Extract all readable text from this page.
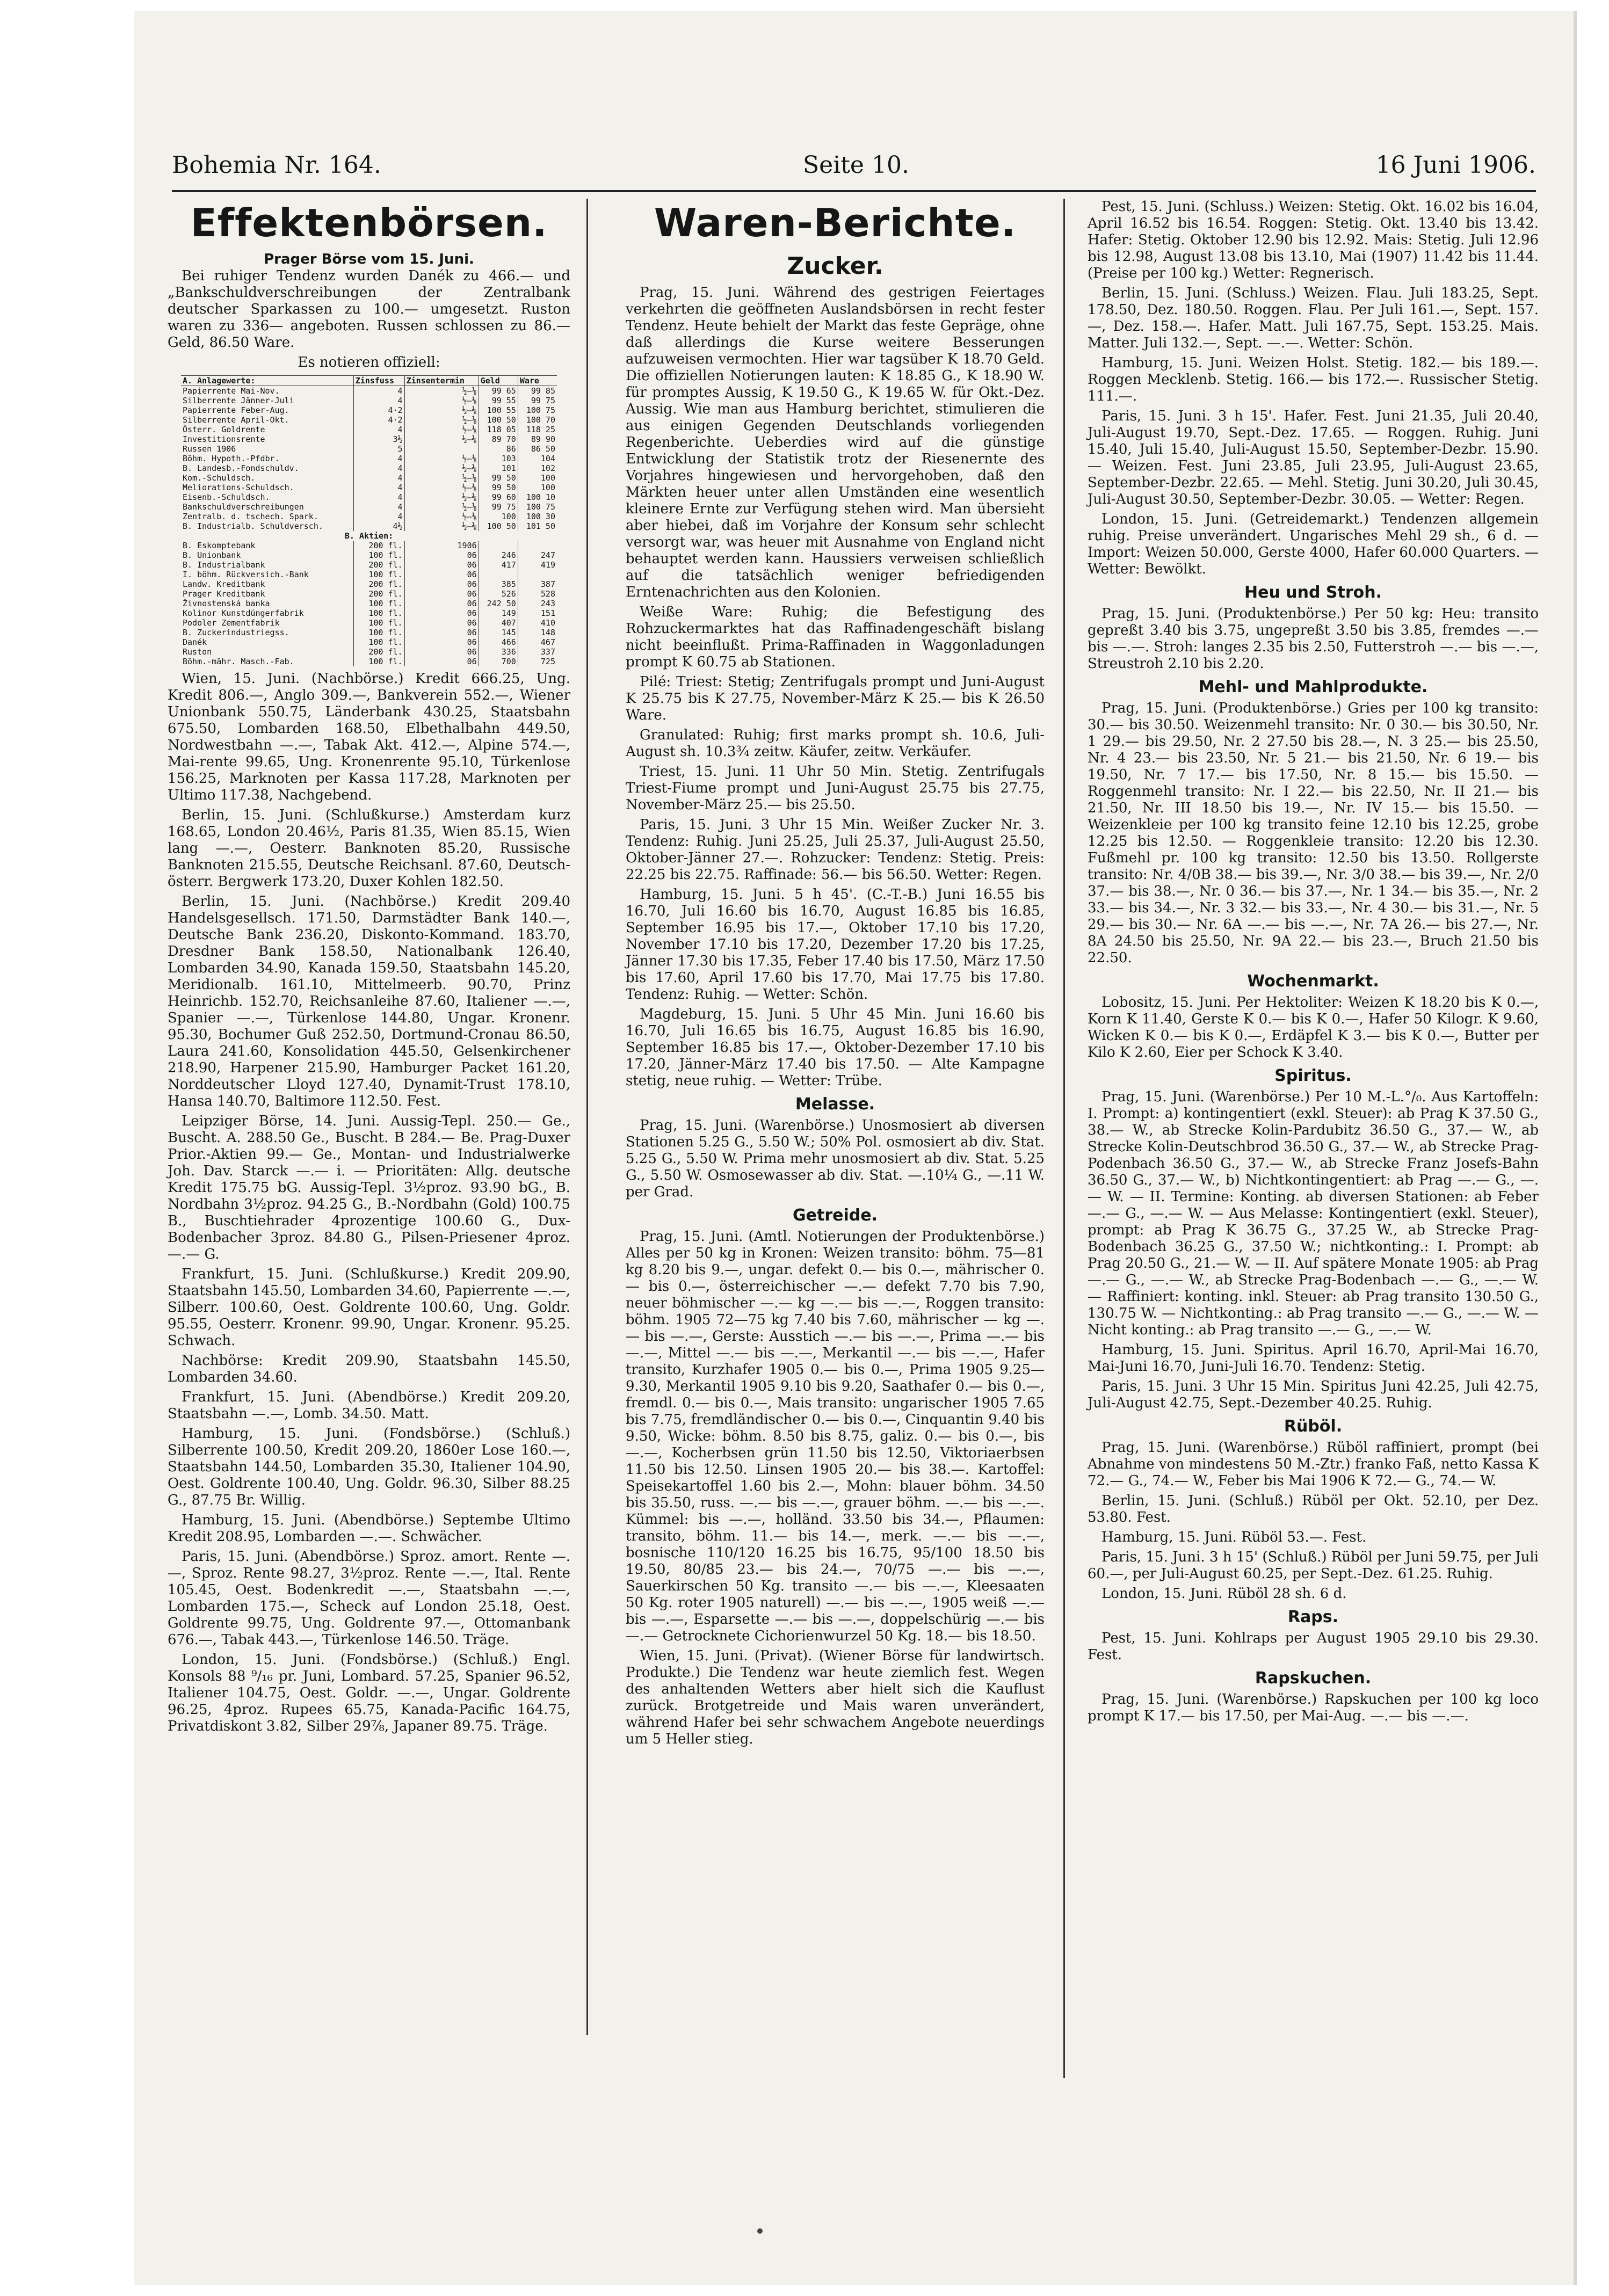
Bohemia Nr. 164.	Seite 10.	16 Juni 1906.
Effektenbörsen.

Prager Börse vom 15. Juni.

Bei ruhiger Tendenz wurden Danék zu 466.— und „Bankschuldverschreibungen der Zentralbank deutscher Sparkassen zu 100.— umgesetzt. Ruston waren zu 336— angeboten. Russen schlossen zu 86.— Geld, 86.50 Ware.

Es notieren offiziell:

A. Anlagewerte:	Zinsfuss	Zinsentermin	Geld	Ware
Papierrente Mai-Nov.	4	½—⅛	99 65	99 85
Silberrente Jänner-Juli	4	½—⅛	99 55	99 75
Papierrente Feber-Aug.	4·2	½—⅛	100 55	100 75
Silberrente April-Okt.	4·2	½—⅛	100 50	100 70
Österr. Goldrente	4	½—⅛	118 05	118 25
Investitionsrente	3½	½—⅛	89 70	89 90
Russen 1906	5		86	86 50
Böhm. Hypoth.-Pfdbr.	4	½—⅛	103	104
B. Landesb.-Fondschuldv.	4	½—⅛	101	102
Kom.-Schuldsch.	4	½—⅛	99 50	100
Meliorations-Schuldsch.	4	½—⅛	99 50	100
Eisenb.-Schuldsch.	4	½—⅛	99 60	100 10
Bankschuldverschreibungen	4	½—⅛	99 75	100 75
Zentralb. d. tschech. Spark.	4	½—⅛	100	100 30
B. Industrialb. Schuldversch.	4½	½—⅛	100 50	101 50
B. Aktien:				
B. Eskomptebank	200 fl.	1906		
B. Unionbank	100 fl.	06	246	247
B. Industrialbank	200 fl.	06	417	419
I. böhm. Rückversich.-Bank	100 fl.	06		
Landw. Kreditbank	200 fl.	06	385	387
Prager Kreditbank	200 fl.	06	526	528
Živnostenská banka	100 fl.	06	242 50	243
Kolinor Kunstdüngerfabrik	100 fl.	06	149	151
Podoler Zementfabrik	100 fl.	06	407	410
B. Zuckerindustriegss.	100 fl.	06	145	148
Danék	100 fl.	06	466	467
Ruston	200 fl.	06	336	337
Böhm.-mähr. Masch.-Fab.	100 fl.	06	700	725

Wien, 15. Juni. (Nachbörse.) Kredit 666.25, Ung. Kredit 806.—, Anglo 309.—, Bankverein 552.—, Wiener Unionbank 550.75, Länderbank 430.25, Staatsbahn 675.50, Lombarden 168.50, Elbethalbahn 449.50, Nordwestbahn —.—, Tabak Akt. 412.—, Alpine 574.—, Mai-rente 99.65, Ung. Kronenrente 95.10, Türkenlose 156.25, Marknoten per Kassa 117.28, Marknoten per Ultimo 117.38, Nachgebend.

Berlin, 15. Juni. (Schlußkurse.) Amsterdam kurz 168.65, London 20.46½, Paris 81.35, Wien 85.15, Wien lang —.—, Oesterr. Banknoten 85.20, Russische Banknoten 215.55, Deutsche Reichsanl. 87.60, Deutsch-österr. Bergwerk 173.20, Duxer Kohlen 182.50.

Berlin, 15. Juni. (Nachbörse.) Kredit 209.40 Handelsgesellsch. 171.50, Darmstädter Bank 140.—, Deutsche Bank 236.20, Diskonto-Kommand. 183.70, Dresdner Bank 158.50, Nationalbank 126.40, Lombarden 34.90, Kanada 159.50, Staatsbahn 145.20, Meridionalb. 161.10, Mittelmeerb. 90.70, Prinz Heinrichb. 152.70, Reichsanleihe 87.60, Italiener —.—, Spanier —.—, Türkenlose 144.80, Ungar. Kronenr. 95.30, Bochumer Guß 252.50, Dortmund-Cronau 86.50, Laura 241.60, Konsolidation 445.50, Gelsenkirchener 218.90, Harpener 215.90, Hamburger Packet 161.20, Norddeutscher Lloyd 127.40, Dynamit-Trust 178.10, Hansa 140.70, Baltimore 112.50. Fest.

Leipziger Börse, 14. Juni. Aussig-Tepl. 250.— Ge., Buscht. A. 288.50 Ge., Buscht. B 284.— Be. Prag-Duxer Prior.-Aktien 99.— Ge., Montan- und Industrialwerke Joh. Dav. Starck —.— i. — Prioritäten: Allg. deutsche Kredit 175.75 bG. Aussig-Tepl. 3½proz. 93.90 bG., B. Nordbahn 3½proz. 94.25 G., B.-Nordbahn (Gold) 100.75 B., Buschtiehrader 4prozentige 100.60 G., Dux-Bodenbacher 3proz. 84.80 G., Pilsen-Priesener 4proz. —.— G.

Frankfurt, 15. Juni. (Schlußkurse.) Kredit 209.90, Staatsbahn 145.50, Lombarden 34.60, Papierrente —.—, Silberr. 100.60, Oest. Goldrente 100.60, Ung. Goldr. 95.55, Oesterr. Kronenr. 99.90, Ungar. Kronenr. 95.25. Schwach.

Nachbörse: Kredit 209.90, Staatsbahn 145.50, Lombarden 34.60.

Frankfurt, 15. Juni. (Abendbörse.) Kredit 209.20, Staatsbahn —.—, Lomb. 34.50. Matt.

Hamburg, 15. Juni. (Fondsbörse.) (Schluß.) Silberrente 100.50, Kredit 209.20, 1860er Lose 160.—, Staatsbahn 144.50, Lombarden 35.30, Italiener 104.90, Oest. Goldrente 100.40, Ung. Goldr. 96.30, Silber 88.25 G., 87.75 Br. Willig.

Hamburg, 15. Juni. (Abendbörse.) Septembe Ultimo Kredit 208.95, Lombarden —.—. Schwächer.

Paris, 15. Juni. (Abendbörse.) Sproz. amort. Rente —.—, Sproz. Rente 98.27, 3½proz. Rente —.—, Ital. Rente 105.45, Oest. Bodenkredit —.—, Staatsbahn —.—, Lombarden 175.—, Scheck auf London 25.18, Oest. Goldrente 99.75, Ung. Goldrente 97.—, Ottomanbank 676.—, Tabak 443.—, Türkenlose 146.50. Träge.

London, 15. Juni. (Fondsbörse.) (Schluß.) Engl. Konsols 88 ⁹/₁₆ pr. Juni, Lombard. 57.25, Spanier 96.52, Italiener 104.75, Oest. Goldr. —.—, Ungar. Goldrente 96.25, 4proz. Rupees 65.75, Kanada-Pacific 164.75, Privatdiskont 3.82, Silber 29⅞, Japaner 89.75. Träge.

Waren-Berichte.
Zucker.

Prag, 15. Juni. Während des gestrigen Feiertages verkehrten die geöffneten Auslandsbörsen in recht fester Tendenz. Heute behielt der Markt das feste Gepräge, ohne daß allerdings die Kurse weitere Besserungen aufzuweisen vermochten. Hier war tagsüber K 18.70 Geld. Die offiziellen Notierungen lauten: K 18.85 G., K 18.90 W. für promptes Aussig, K 19.50 G., K 19.65 W. für Okt.-Dez. Aussig. Wie man aus Hamburg berichtet, stimulieren die aus einigen Gegenden Deutschlands vorliegenden Regenberichte. Ueberdies wird auf die günstige Entwicklung der Statistik trotz der Riesenernte des Vorjahres hingewiesen und hervorgehoben, daß den Märkten heuer unter allen Umständen eine wesentlich kleinere Ernte zur Verfügung stehen wird. Man übersieht aber hiebei, daß im Vorjahre der Konsum sehr schlecht versorgt war, was heuer mit Ausnahme von England nicht behauptet werden kann. Haussiers verweisen schließlich auf die tatsächlich weniger befriedigenden Erntenachrichten aus den Kolonien.

Weiße Ware: Ruhig; die Befestigung des Rohzuckermarktes hat das Raffinadengeschäft bislang nicht beeinflußt. Prima-Raffinaden in Waggonladungen prompt K 60.75 ab Stationen.

Pilé: Triest: Stetig; Zentrifugals prompt und Juni-August K 25.75 bis K 27.75, November-März K 25.— bis K 26.50 Ware.

Granulated: Ruhig; first marks prompt sh. 10.6, Juli-August sh. 10.3¾ zeitw. Käufer, zeitw. Verkäufer.

Triest, 15. Juni. 11 Uhr 50 Min. Stetig. Zentrifugals Triest-Fiume prompt und Juni-August 25.75 bis 27.75, November-März 25.— bis 25.50.

Paris, 15. Juni. 3 Uhr 15 Min. Weißer Zucker Nr. 3. Tendenz: Ruhig. Juni 25.25, Juli 25.37, Juli-August 25.50, Oktober-Jänner 27.—. Rohzucker: Tendenz: Stetig. Preis: 22.25 bis 22.75. Raffinade: 56.— bis 56.50. Wetter: Regen.

Hamburg, 15. Juni. 5 h 45'. (C.-T.-B.) Juni 16.55 bis 16.70, Juli 16.60 bis 16.70, August 16.85 bis 16.85, September 16.95 bis 17.—, Oktober 17.10 bis 17.20, November 17.10 bis 17.20, Dezember 17.20 bis 17.25, Jänner 17.30 bis 17.35, Feber 17.40 bis 17.50, März 17.50 bis 17.60, April 17.60 bis 17.70, Mai 17.75 bis 17.80. Tendenz: Ruhig. — Wetter: Schön.

Magdeburg, 15. Juni. 5 Uhr 45 Min. Juni 16.60 bis 16.70, Juli 16.65 bis 16.75, August 16.85 bis 16.90, September 16.85 bis 17.—, Oktober-Dezember 17.10 bis 17.20, Jänner-März 17.40 bis 17.50. — Alte Kampagne stetig, neue ruhig. — Wetter: Trübe.

Melasse.

Prag, 15. Juni. (Warenbörse.) Unosmosiert ab diversen Stationen 5.25 G., 5.50 W.; 50% Pol. osmosiert ab div. Stat. 5.25 G., 5.50 W. Prima mehr unosmosiert ab div. Stat. 5.25 G., 5.50 W. Osmosewasser ab div. Stat. —.10¼ G., —.11 W. per Grad.

Getreide.

Prag, 15. Juni. (Amtl. Notierungen der Produktenbörse.) Alles per 50 kg in Kronen: Weizen transito: böhm. 75—81 kg 8.20 bis 9.—, ungar. defekt 0.— bis 0.—, mährischer 0.— bis 0.—, österreichischer —.— defekt 7.70 bis 7.90, neuer böhmischer —.— kg —.— bis —.—, Roggen transito: böhm. 1905 72—75 kg 7.40 bis 7.60, mährischer — kg —.— bis —.—, Gerste: Ausstich —.— bis —.—, Prima —.— bis —.—, Mittel —.— bis —.—, Merkantil —.— bis —.—, Hafer transito, Kurzhafer 1905 0.— bis 0.—, Prima 1905 9.25—9.30, Merkantil 1905 9.10 bis 9.20, Saathafer 0.— bis 0.—, fremdl. 0.— bis 0.—, Mais transito: ungarischer 1905 7.65 bis 7.75, fremdländischer 0.— bis 0.—, Cinquantin 9.40 bis 9.50, Wicke: böhm. 8.50 bis 8.75, galiz. 0.— bis 0.—, bis —.—, Kocherbsen grün 11.50 bis 12.50, Viktoriaerbsen 11.50 bis 12.50. Linsen 1905 20.— bis 38.—. Kartoffel: Speisekartoffel 1.60 bis 2.—, Mohn: blauer böhm. 34.50 bis 35.50, russ. —.— bis —.—, grauer böhm. —.— bis —.—. Kümmel: bis —.—, holländ. 33.50 bis 34.—, Pflaumen: transito, böhm. 11.— bis 14.—, merk. —.— bis —.—, bosnische 110/120 16.25 bis 16.75, 95/100 18.50 bis 19.50, 80/85 23.— bis 24.—, 70/75 —.— bis —.—, Sauerkirschen 50 Kg. transito —.— bis —.—, Kleesaaten 50 Kg. roter 1905 naturell) —.— bis —.—, 1905 weiß —.— bis —.—, Esparsette —.— bis —.—, doppelschürig —.— bis —.— Getrocknete Cichorienwurzel 50 Kg. 18.— bis 18.50.

Wien, 15. Juni. (Privat). (Wiener Börse für landwirtsch. Produkte.) Die Tendenz war heute ziemlich fest. Wegen des anhaltenden Wetters aber hielt sich die Kauflust zurück. Brotgetreide und Mais waren unverändert, während Hafer bei sehr schwachem Angebote neuerdings um 5 Heller stieg.

Pest, 15. Juni. (Schluss.) Weizen: Stetig. Okt. 16.02 bis 16.04, April 16.52 bis 16.54. Roggen: Stetig. Okt. 13.40 bis 13.42. Hafer: Stetig. Oktober 12.90 bis 12.92. Mais: Stetig. Juli 12.96 bis 12.98, August 13.08 bis 13.10, Mai (1907) 11.42 bis 11.44. (Preise per 100 kg.) Wetter: Regnerisch.

Berlin, 15. Juni. (Schluss.) Weizen. Flau. Juli 183.25, Sept. 178.50, Dez. 180.50. Roggen. Flau. Per Juli 161.—, Sept. 157.—, Dez. 158.—. Hafer. Matt. Juli 167.75, Sept. 153.25. Mais. Matter. Juli 132.—, Sept. —.—. Wetter: Schön.

Hamburg, 15. Juni. Weizen Holst. Stetig. 182.— bis 189.—. Roggen Mecklenb. Stetig. 166.— bis 172.—. Russischer Stetig. 111.—.

Paris, 15. Juni. 3 h 15'. Hafer. Fest. Juni 21.35, Juli 20.40, Juli-August 19.70, Sept.-Dez. 17.65. — Roggen. Ruhig. Juni 15.40, Juli 15.40, Juli-August 15.50, September-Dezbr. 15.90. — Weizen. Fest. Juni 23.85, Juli 23.95, Juli-August 23.65, September-Dezbr. 22.65. — Mehl. Stetig. Juni 30.20, Juli 30.45, Juli-August 30.50, September-Dezbr. 30.05. — Wetter: Regen.

London, 15. Juni. (Getreidemarkt.) Tendenzen allgemein ruhig. Preise unverändert. Ungarisches Mehl 29 sh., 6 d. — Import: Weizen 50.000, Gerste 4000, Hafer 60.000 Quarters. — Wetter: Bewölkt.

Heu und Stroh.

Prag, 15. Juni. (Produktenbörse.) Per 50 kg: Heu: transito gepreßt 3.40 bis 3.75, ungepreßt 3.50 bis 3.85, fremdes —.— bis —.—. Stroh: langes 2.35 bis 2.50, Futterstroh —.— bis —.—, Streustroh 2.10 bis 2.20.

Mehl- und Mahlprodukte.

Prag, 15. Juni. (Produktenbörse.) Gries per 100 kg transito: 30.— bis 30.50. Weizenmehl transito: Nr. 0 30.— bis 30.50, Nr. 1 29.— bis 29.50, Nr. 2 27.50 bis 28.—, N. 3 25.— bis 25.50, Nr. 4 23.— bis 23.50, Nr. 5 21.— bis 21.50, Nr. 6 19.— bis 19.50, Nr. 7 17.— bis 17.50, Nr. 8 15.— bis 15.50. — Roggenmehl transito: Nr. I 22.— bis 22.50, Nr. II 21.— bis 21.50, Nr. III 18.50 bis 19.—, Nr. IV 15.— bis 15.50. — Weizenkleie per 100 kg transito feine 12.10 bis 12.25, grobe 12.25 bis 12.50. — Roggenkleie transito: 12.20 bis 12.30. Fußmehl pr. 100 kg transito: 12.50 bis 13.50. Rollgerste transito: Nr. 4/0B 38.— bis 39.—, Nr. 3/0 38.— bis 39.—, Nr. 2/0 37.— bis 38.—, Nr. 0 36.— bis 37.—, Nr. 1 34.— bis 35.—, Nr. 2 33.— bis 34.—, Nr. 3 32.— bis 33.—, Nr. 4 30.— bis 31.—, Nr. 5 29.— bis 30.— Nr. 6A —.— bis —.—, Nr. 7A 26.— bis 27.—, Nr. 8A 24.50 bis 25.50, Nr. 9A 22.— bis 23.—, Bruch 21.50 bis 22.50.

Wochenmarkt.

Lobositz, 15. Juni. Per Hektoliter: Weizen K 18.20 bis K 0.—, Korn K 11.40, Gerste K 0.— bis K 0.—, Hafer 50 Kilogr. K 9.60, Wicken K 0.— bis K 0.—, Erdäpfel K 3.— bis K 0.—, Butter per Kilo K 2.60, Eier per Schock K 3.40.

Spiritus.

Prag, 15. Juni. (Warenbörse.) Per 10 M.-L.°/₀. Aus Kartoffeln: I. Prompt: a) kontingentiert (exkl. Steuer): ab Prag K 37.50 G., 38.— W., ab Strecke Kolin-Pardubitz 36.50 G., 37.— W., ab Strecke Kolin-Deutschbrod 36.50 G., 37.— W., ab Strecke Prag-Podenbach 36.50 G., 37.— W., ab Strecke Franz Josefs-Bahn 36.50 G., 37.— W., b) Nichtkontingentiert: ab Prag —.— G., —.— W. — II. Termine: Konting. ab diversen Stationen: ab Feber —.— G., —.— W. — Aus Melasse: Kontingentiert (exkl. Steuer), prompt: ab Prag K 36.75 G., 37.25 W., ab Strecke Prag-Bodenbach 36.25 G., 37.50 W.; nichtkonting.: I. Prompt: ab Prag 20.50 G., 21.— W. — II. Auf spätere Monate 1905: ab Prag —.— G., —.— W., ab Strecke Prag-Bodenbach —.— G., —.— W. — Raffiniert: konting. inkl. Steuer: ab Prag transito 130.50 G., 130.75 W. — Nichtkonting.: ab Prag transito —.— G., —.— W. — Nicht konting.: ab Prag transito —.— G., —.— W.

Hamburg, 15. Juni. Spiritus. April 16.70, April-Mai 16.70, Mai-Juni 16.70, Juni-Juli 16.70. Tendenz: Stetig.

Paris, 15. Juni. 3 Uhr 15 Min. Spiritus Juni 42.25, Juli 42.75, Juli-August 42.75, Sept.-Dezember 40.25. Ruhig.

Rüböl.

Prag, 15. Juni. (Warenbörse.) Rüböl raffiniert, prompt (bei Abnahme von mindestens 50 M.-Ztr.) franko Faß, netto Kassa K 72.— G., 74.— W., Feber bis Mai 1906 K 72.— G., 74.— W.

Berlin, 15. Juni. (Schluß.) Rüböl per Okt. 52.10, per Dez. 53.80. Fest.

Hamburg, 15. Juni. Rüböl 53.—. Fest.

Paris, 15. Juni. 3 h 15' (Schluß.) Rüböl per Juni 59.75, per Juli 60.—, per Juli-August 60.25, per Sept.-Dez. 61.25. Ruhig.

London, 15. Juni. Rüböl 28 sh. 6 d.

Raps.

Pest, 15. Juni. Kohlraps per August 1905 29.10 bis 29.30. Fest.

Rapskuchen.

Prag, 15. Juni. (Warenbörse.) Rapskuchen per 100 kg loco prompt K 17.— bis 17.50, per Mai-Aug. —.— bis —.—.
